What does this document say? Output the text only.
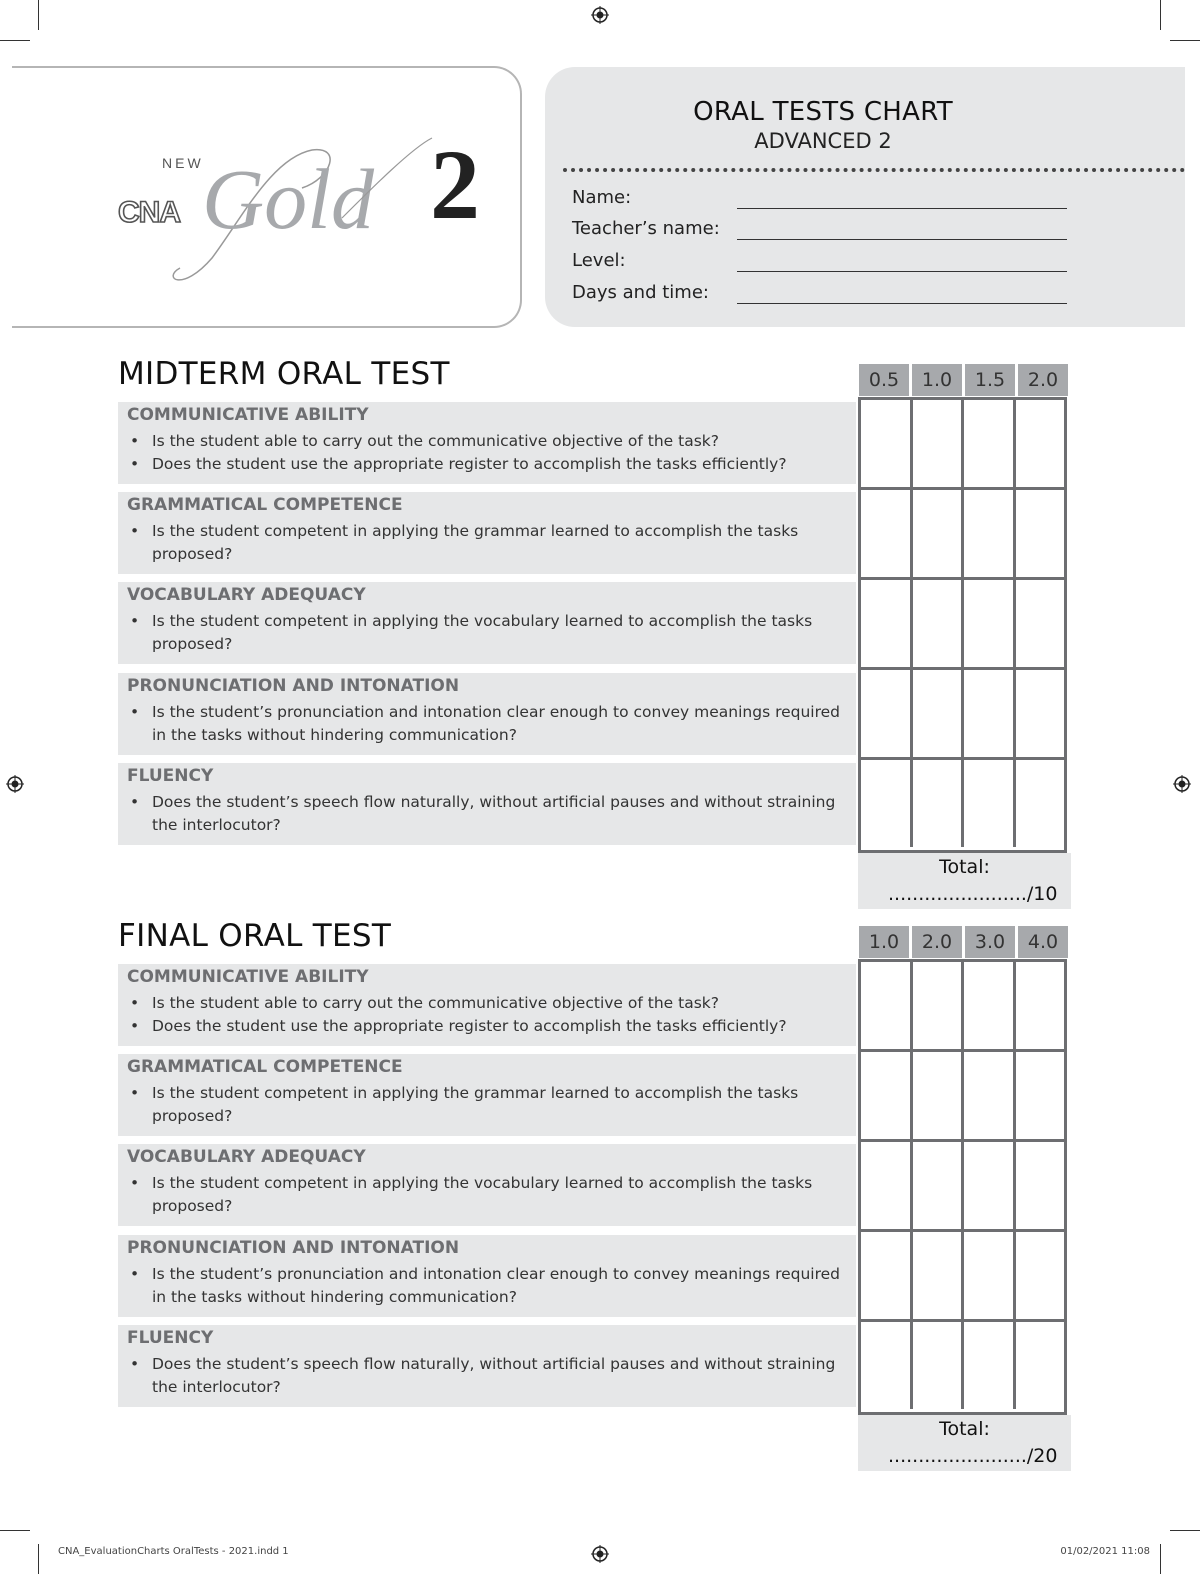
NEW
CNA Gold 2
ORAL TESTS CHART
ADVANCED 2
Name:
Teacher’s name:
Level:
Days and time:
MIDTERM ORAL TEST	0.5	1.0	1.5	2.0
COMMUNICATIVE ABILITY
• Is the student able to carry out the communicative objective of the task?
• Does the student use the appropriate register to accomplish the tasks efficiently?
GRAMMATICAL COMPETENCE
• Is the student competent in applying the grammar learned to accomplish the tasks proposed?
VOCABULARY ADEQUACY
• Is the student competent in applying the vocabulary learned to accomplish the tasks proposed?
PRONUNCIATION AND INTONATION
• Is the student’s pronunciation and intonation clear enough to convey meanings required in the tasks without hindering communication?
FLUENCY
• Does the student’s speech flow naturally, without artificial pauses and without straining the interlocutor?
Total:
......................./10
FINAL ORAL TEST	1.0	2.0	3.0	4.0
COMMUNICATIVE ABILITY
• Is the student able to carry out the communicative objective of the task?
• Does the student use the appropriate register to accomplish the tasks efficiently?
GRAMMATICAL COMPETENCE
• Is the student competent in applying the grammar learned to accomplish the tasks proposed?
VOCABULARY ADEQUACY
• Is the student competent in applying the vocabulary learned to accomplish the tasks proposed?
PRONUNCIATION AND INTONATION
• Is the student’s pronunciation and intonation clear enough to convey meanings required in the tasks without hindering communication?
FLUENCY
• Does the student’s speech flow naturally, without artificial pauses and without straining the interlocutor?
Total:
......................./20
CNA_EvaluationCharts OralTests - 2021.indd 1	01/02/2021 11:08
